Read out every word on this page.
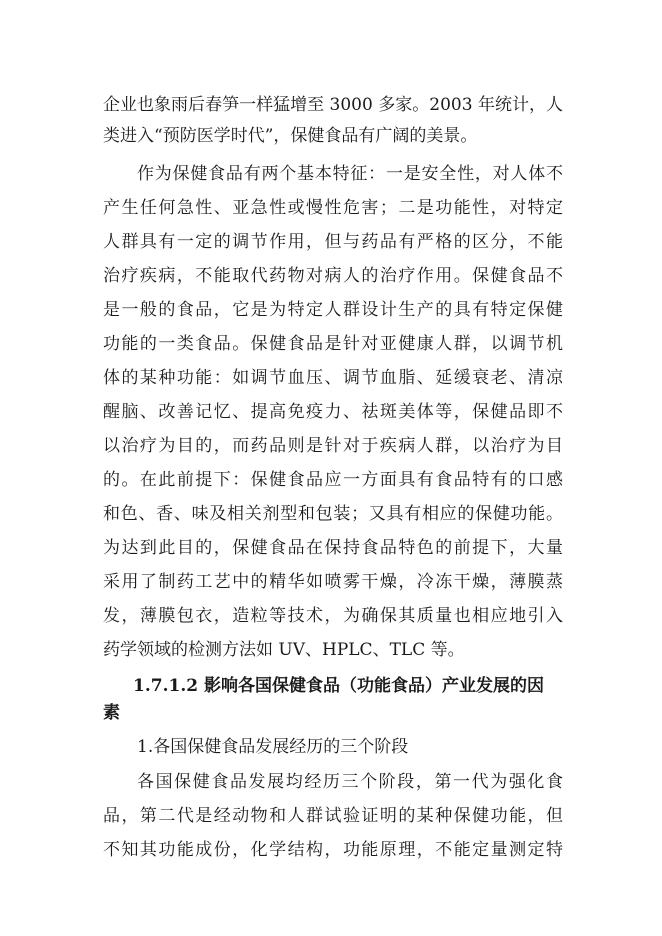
企业也象雨后春笋一样猛增至 3000 多家。2003 年统计，人
类进入“预防医学时代”，保健食品有广阔的美景。
作为保健食品有两个基本特征：一是安全性，对人体不
产生任何急性、亚急性或慢性危害；二是功能性，对特定
人群具有一定的调节作用，但与药品有严格的区分，不能
治疗疾病，不能取代药物对病人的治疗作用。保健食品不
是一般的食品，它是为特定人群设计生产的具有特定保健
功能的一类食品。保健食品是针对亚健康人群，以调节机
体的某种功能：如调节血压、调节血脂、延缓衰老、清凉
醒脑、改善记忆、提高免疫力、祛斑美体等，保健品即不
以治疗为目的，而药品则是针对于疾病人群，以治疗为目
的。在此前提下：保健食品应一方面具有食品特有的口感
和色、香、味及相关剂型和包装；又具有相应的保健功能。
为达到此目的，保健食品在保持食品特色的前提下，大量
采用了制药工艺中的精华如喷雾干燥，冷冻干燥，薄膜蒸
发，薄膜包衣，造粒等技术，为确保其质量也相应地引入
药学领域的检测方法如 UV、HPLC、TLC 等。
1.7.1.2 影响各国保健食品（功能食品）产业发展的因
素
1.各国保健食品发展经历的三个阶段
各国保健食品发展均经历三个阶段，第一代为强化食
品，第二代是经动物和人群试验证明的某种保健功能，但
不知其功能成份，化学结构，功能原理，不能定量测定特
